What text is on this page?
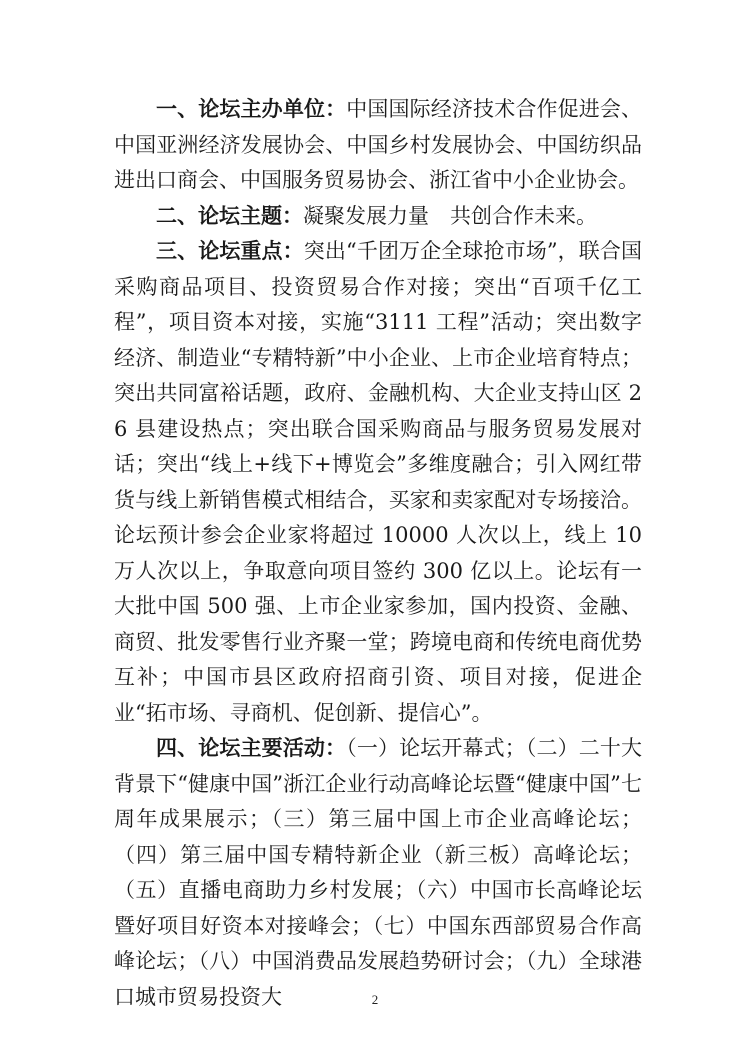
一、论坛主办单位：中国国际经济技术合作促进会、中国亚洲经济发展协会、中国乡村发展协会、中国纺织品进出口商会、中国服务贸易协会、浙江省中小企业协会。

二、论坛主题：凝聚发展力量　共创合作未来。

三、论坛重点：突出“千团万企全球抢市场”，联合国采购商品项目、投资贸易合作对接；突出“百项千亿工程”，项目资本对接，实施“3111 工程”活动；突出数字经济、制造业“专精特新”中小企业、上市企业培育特点；突出共同富裕话题，政府、金融机构、大企业支持山区 26 县建设热点；突出联合国采购商品与服务贸易发展对话；突出“线上+线下+博览会”多维度融合；引入网红带货与线上新销售模式相结合，买家和卖家配对专场接洽。论坛预计参会企业家将超过 10000 人次以上，线上 10 万人次以上，争取意向项目签约 300 亿以上。论坛有一大批中国 500 强、上市企业家参加，国内投资、金融、商贸、批发零售行业齐聚一堂；跨境电商和传统电商优势互补；中国市县区政府招商引资、项目对接，促进企业“拓市场、寻商机、促创新、提信心”。

四、论坛主要活动：（一）论坛开幕式；（二）二十大背景下“健康中国”浙江企业行动高峰论坛暨“健康中国”七周年成果展示；（三）第三届中国上市企业高峰论坛；（四）第三届中国专精特新企业（新三板）高峰论坛；（五）直播电商助力乡村发展；（六）中国市长高峰论坛暨好项目好资本对接峰会；（七）中国东西部贸易合作高峰论坛；（八）中国消费品发展趋势研讨会；（九）全球港口城市贸易投资大	2
